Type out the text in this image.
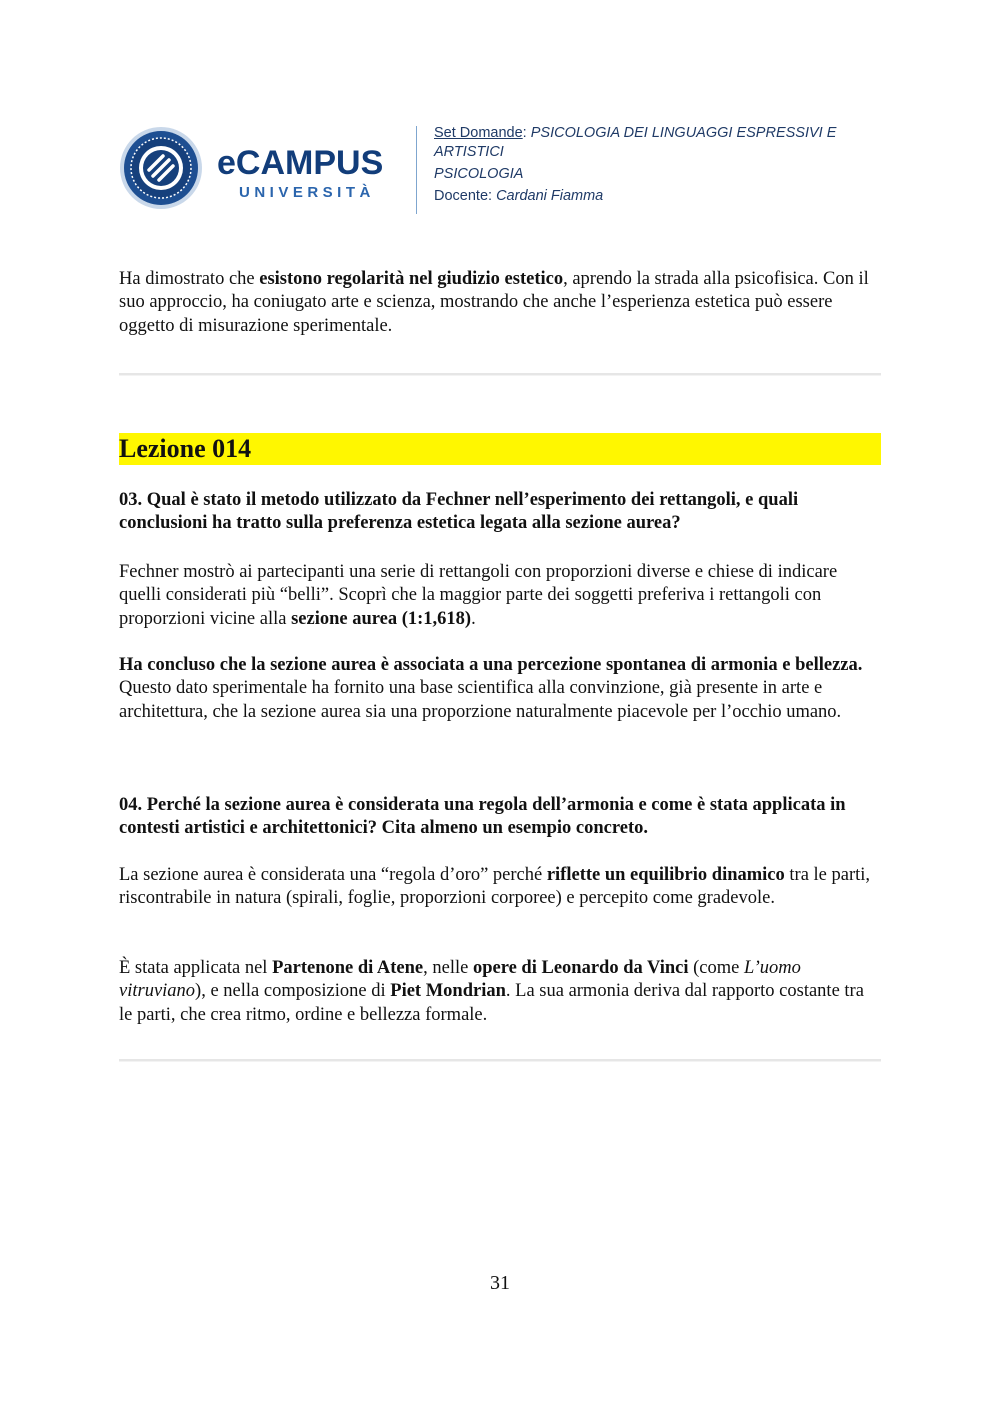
eCAMPUS
UNIVERSITÀ
Set Domande: PSICOLOGIA DEI LINGUAGGI ESPRESSIVI E
ARTISTICI
PSICOLOGIA
Docente: Cardani Fiamma

Ha dimostrato che esistono regolarità nel giudizio estetico, aprendo la strada alla psicofisica. Con il suo approccio, ha coniugato arte e scienza, mostrando che anche l’esperienza estetica può essere oggetto di misurazione sperimentale.

Lezione 014

03. Qual è stato il metodo utilizzato da Fechner nell’esperimento dei rettangoli, e quali conclusioni ha tratto sulla preferenza estetica legata alla sezione aurea?

Fechner mostrò ai partecipanti una serie di rettangoli con proporzioni diverse e chiese di indicare quelli considerati più “belli”. Scoprì che la maggior parte dei soggetti preferiva i rettangoli con proporzioni vicine alla sezione aurea (1:1,618).

Ha concluso che la sezione aurea è associata a una percezione spontanea di armonia e bellezza.

Questo dato sperimentale ha fornito una base scientifica alla convinzione, già presente in arte e architettura, che la sezione aurea sia una proporzione naturalmente piacevole per l’occhio umano.

04. Perché la sezione aurea è considerata una regola dell’armonia e come è stata applicata in contesti artistici e architettonici? Cita almeno un esempio concreto.

La sezione aurea è considerata una “regola d’oro” perché riflette un equilibrio dinamico tra le parti, riscontrabile in natura (spirali, foglie, proporzioni corporee) e percepito come gradevole.

È stata applicata nel Partenone di Atene, nelle opere di Leonardo da Vinci (come L’uomo vitruviano), e nella composizione di Piet Mondrian. La sua armonia deriva dal rapporto costante tra le parti, che crea ritmo, ordine e bellezza formale.

31
